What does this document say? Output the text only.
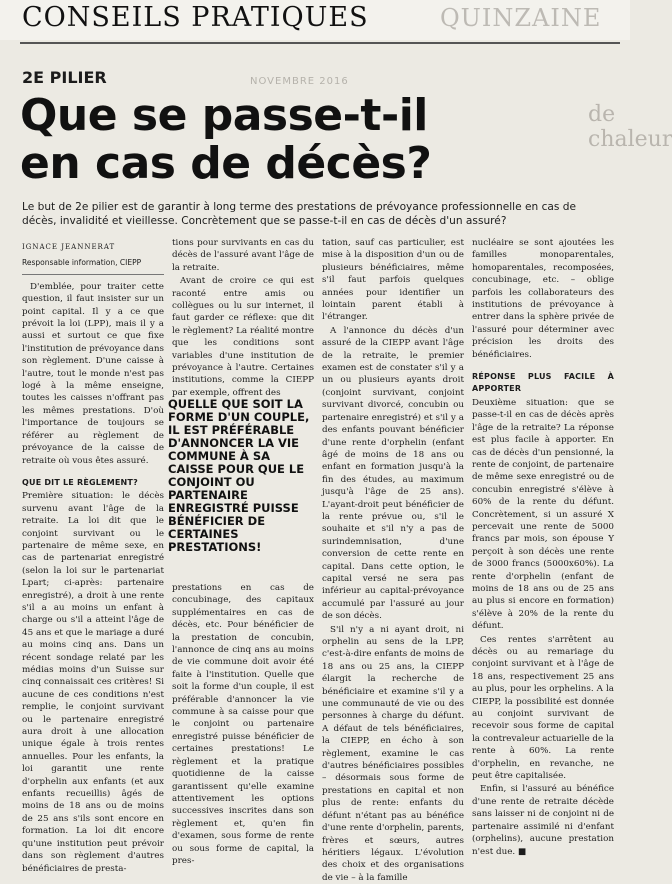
CONSEILS PRATIQUES	QUINZAINE
NOVEMBRE 2016
de chaleur
2E PILIER
Que se passe-t-il en cas de décès?
Le but de 2e pilier est de garantir à long terme des prestations de prévoyance professionnelle en cas de décès, invalidité et vieillesse. Concrètement que se passe-t-il en cas de décès d'un assuré?
IGNACE JEANNERAT
Responsable information, CIEPP

D'emblée, pour traiter cette question, il faut insister sur un point capital. Il y a ce que prévoit la loi (LPP), mais il y a aussi et surtout ce que fixe l'institution de prévoyance dans son règlement. D'une caisse à l'autre, tout le monde n'est pas logé à la même enseigne, toutes les caisses n'offrant pas les mêmes prestations. D'où l'importance de toujours se référer au règlement de prévoyance de la caisse de retraite où vous êtes assuré.

QUE DIT LE RÈGLEMENT?

Première situation: le décès survenu avant l'âge de la retraite. La loi dit que le conjoint survivant ou le partenaire de même sexe, en cas de partenariat enregistré (selon la loi sur le partenariat Lpart; ci-après: partenaire enregistré), a droit à une rente s'il a au moins un enfant à charge ou s'il a atteint l'âge de 45 ans et que le mariage a duré au moins cinq ans. Dans un récent sondage relaté par les médias moins d'un Suisse sur cinq connaissait ces critères! Si aucune de ces conditions n'est remplie, le conjoint survivant ou le partenaire enregistré aura droit à une allocation unique égale à trois rentes annuelles. Pour les enfants, la loi garantit une rente d'orphelin aux enfants (et aux enfants recueillis) âgés de moins de 18 ans ou de moins de 25 ans s'ils sont encore en formation. La loi dit encore qu'une institution peut prévoir dans son règlement d'autres bénéficiaires de presta-

tions pour survivants en cas du décès de l'assuré avant l'âge de la retraite.

Avant de croire ce qui est raconté entre amis ou collègues ou lu sur internet, il faut garder ce réflexe: que dit le règlement? La réalité montre que les conditions sont variables d'une institution de prévoyance à l'autre. Certaines institutions, comme la CIEPP par exemple, offrent des

QUELLE QUE SOIT LA FORME D'UN COUPLE, IL EST PRÉFÉRABLE D'ANNONCER LA VIE COMMUNE À SA CAISSE POUR QUE LE CONJOINT OU PARTENAIRE ENREGISTRÉ PUISSE BÉNÉFICIER DE CERTAINES PRESTATIONS!

prestations en cas de concubinage, des capitaux supplémentaires en cas de décès, etc. Pour bénéficier de la prestation de concubin, l'annonce de cinq ans au moins de vie commune doit avoir été faite à l'institution. Quelle que soit la forme d'un couple, il est préférable d'annoncer la vie commune à sa caisse pour que le conjoint ou partenaire enregistré puisse bénéficier de certaines prestations! Le règlement et la pratique quotidienne de la caisse garantissent qu'elle examine attentivement les options successives inscrites dans son règlement et, qu'en fin d'examen, sous forme de rente ou sous forme de capital, la pres-

tation, sauf cas particulier, est mise à la disposition d'un ou de plusieurs bénéficiaires, même s'il faut parfois quelques années pour identifier un lointain parent établi à l'étranger.

A l'annonce du décès d'un assuré de la CIEPP avant l'âge de la retraite, le premier examen est de constater s'il y a un ou plusieurs ayants droit (conjoint survivant, conjoint survivant divorcé, concubin ou partenaire enregistré) et s'il y a des enfants pouvant bénéficier d'une rente d'orphelin (enfant âgé de moins de 18 ans ou enfant en formation jusqu'à la fin des études, au maximum jusqu'à l'âge de 25 ans). L'ayant-droit peut bénéficier de la rente prévue ou, s'il le souhaite et s'il n'y a pas de surindemnisation, d'une conversion de cette rente en capital. Dans cette option, le capital versé ne sera pas inférieur au capital-prévoyance accumulé par l'assuré au jour de son décès.

S'il n'y a ni ayant droit, ni orphelin au sens de la LPP, c'est-à-dire enfants de moins de 18 ans ou 25 ans, la CIEPP élargit la recherche de bénéficiaire et examine s'il y a une communauté de vie ou des personnes à charge du défunt. A défaut de tels bénéficiaires, la CIEPP, en écho à son règlement, examine le cas d'autres bénéficiaires possibles – désormais sous forme de prestations en capital et non plus de rente: enfants du défunt n'étant pas au bénéfice d'une rente d'orphelin, parents, frères et sœurs, autres héritiers légaux. L'évolution des choix et des organisations de vie – à la famille

nucléaire se sont ajoutées les familles monoparentales, homoparentales, recomposées, concubinage, etc. – oblige parfois les collaborateurs des institutions de prévoyance à entrer dans la sphère privée de l'assuré pour déterminer avec précision les droits des bénéficiaires.

RÉPONSE PLUS FACILE À APPORTER

Deuxième situation: que se passe-t-il en cas de décès après l'âge de la retraite? La réponse est plus facile à apporter. En cas de décès d'un pensionné, la rente de conjoint, de partenaire de même sexe enregistré ou de concubin enregistré s'élève à 60% de la rente du défunt. Concrètement, si un assuré X percevait une rente de 5000 francs par mois, son épouse Y perçoit à son décès une rente de 3000 francs (5000x60%). La rente d'orphelin (enfant de moins de 18 ans ou de 25 ans au plus si encore en formation) s'élève à 20% de la rente du défunt.

Ces rentes s'arrêtent au décès ou au remariage du conjoint survivant et à l'âge de 18 ans, respectivement 25 ans au plus, pour les orphelins. A la CIEPP, la possibilité est donnée au conjoint survivant de recevoir sous forme de capital la contrevaleur actuarielle de la rente à 60%. La rente d'orphelin, en revanche, ne peut être capitalisée.

Enfin, si l'assuré au bénéfice d'une rente de retraite décède sans laisser ni de conjoint ni de partenaire assimilé ni d'enfant (orphelins), aucune prestation n'est due. ■
